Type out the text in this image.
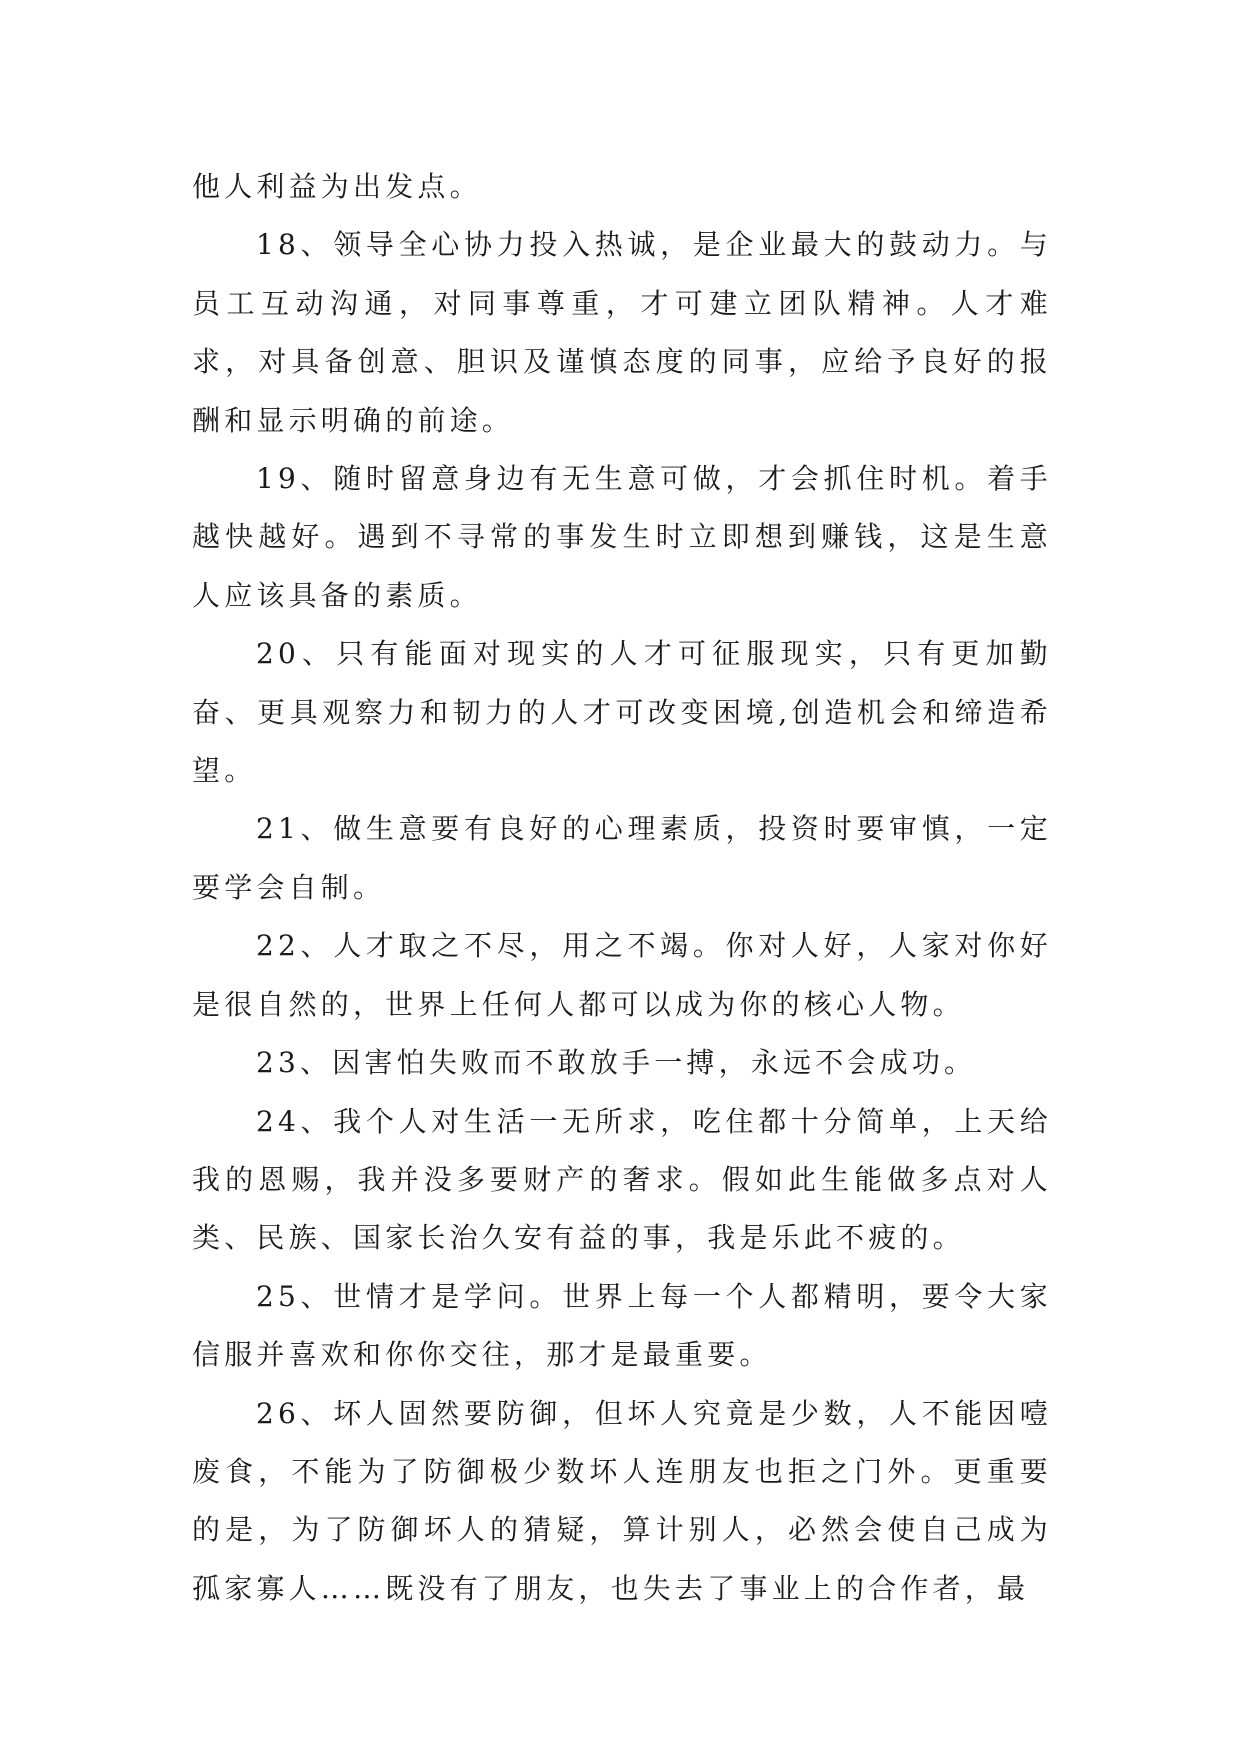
他人利益为出发点。

18、领导全心协力投入热诚，是企业最大的鼓动力。与员工互动沟通，对同事尊重，才可建立团队精神。人才难求，对具备创意、胆识及谨慎态度的同事，应给予良好的报酬和显示明确的前途。

19、随时留意身边有无生意可做，才会抓住时机。着手越快越好。遇到不寻常的事发生时立即想到赚钱，这是生意人应该具备的素质。

20、只有能面对现实的人才可征服现实，只有更加勤奋、更具观察力和韧力的人才可改变困境,创造机会和缔造希望。

21、做生意要有良好的心理素质，投资时要审慎，一定要学会自制。

22、人才取之不尽，用之不竭。你对人好，人家对你好是很自然的，世界上任何人都可以成为你的核心人物。

23、因害怕失败而不敢放手一搏，永远不会成功。

24、我个人对生活一无所求，吃住都十分简单，上天给我的恩赐，我并没多要财产的奢求。假如此生能做多点对人类、民族、国家长治久安有益的事，我是乐此不疲的。

25、世情才是学问。世界上每一个人都精明，要令大家信服并喜欢和你你交往，那才是最重要。

26、坏人固然要防御，但坏人究竟是少数，人不能因噎废食，不能为了防御极少数坏人连朋友也拒之门外。更重要的是，为了防御坏人的猜疑，算计别人，必然会使自己成为孤家寡人……既没有了朋友，也失去了事业上的合作者，最
